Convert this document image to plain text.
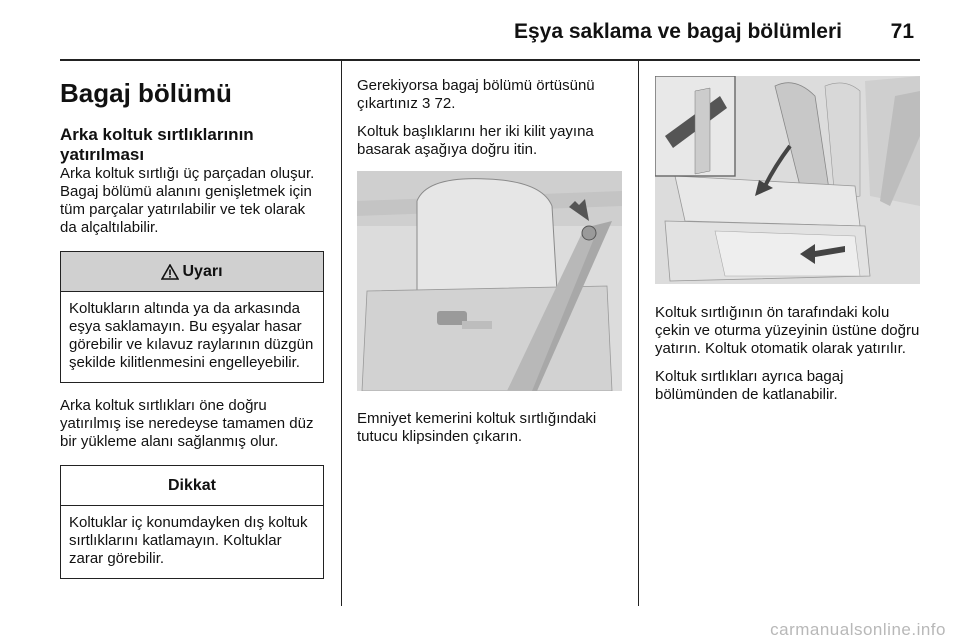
Eşya saklama ve bagaj bölümleri 71
Bagaj bölümü
Arka koltuk sırtlıklarının yatırılması

Arka koltuk sırtlığı üç parçadan oluşur. Bagaj bölümü alanını genişletmek için tüm parçalar yatırılabilir ve tek olarak da alçaltılabilir.

Uyarı
Koltukların altında ya da arkasında eşya saklamayın. Bu eşyalar hasar görebilir ve kılavuz raylarının düzgün şekilde kilitlenmesini engelleyebilir.

Arka koltuk sırtlıkları öne doğru yatırılmış ise neredeyse tamamen düz bir yükleme alanı sağlanmış olur.

Dikkat
Koltuklar iç konumdayken dış koltuk sırtlıklarını katlamayın. Koltuklar zarar görebilir.

Gerekiyorsa bagaj bölümü örtüsünü çıkartınız 3 72.

Koltuk başlıklarını her iki kilit yayına basarak aşağıya doğru itin.

Emniyet kemerini koltuk sırtlığındaki tutucu klipsinden çıkarın.

Koltuk sırtlığının ön tarafındaki kolu çekin ve oturma yüzeyinin üstüne doğru yatırın. Koltuk otomatik olarak yatırılır.

Koltuk sırtlıkları ayrıca bagaj bölümünden de katlanabilir.

carmanualsonline.info
